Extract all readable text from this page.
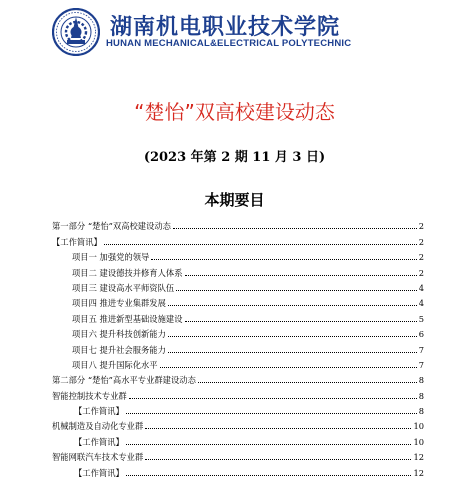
湖南机电职业技术学院
HUNAN MECHANICAL&ELECTRICAL POLYTECHNIC
“楚怡”双高校建设动态
(2023 年第 2 期 11 月 3 日)
本期要目
第一部分 “楚怡”双高校建设动态	2
【工作简讯】	2
项目一 加强党的领导	2
项目二 建设德技并修育人体系	2
项目三 建设高水平师资队伍	4
项目四 推进专业集群发展	4
项目五 推进新型基础设施建设	5
项目六 提升科技创新能力	6
项目七 提升社会服务能力	7
项目八 提升国际化水平	7
第二部分 “楚怡”高水平专业群建设动态	8
智能控制技术专业群	8
【工作简讯】	8
机械制造及自动化专业群	10
【工作简讯】	10
智能网联汽车技术专业群	12
【工作简讯】	12
